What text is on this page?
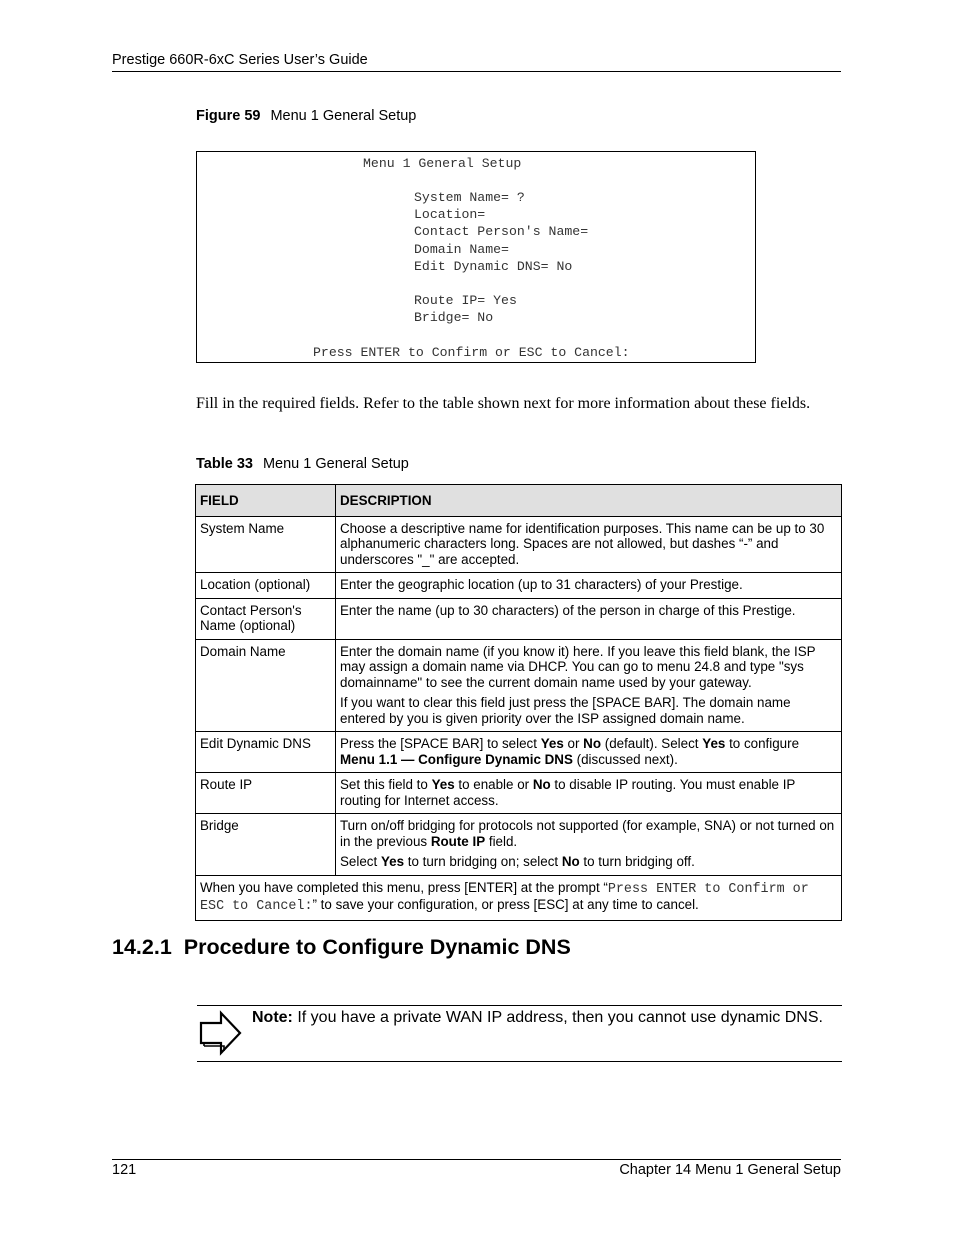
Prestige 660R-6xC Series User’s Guide
Figure 59 Menu 1 General Setup
Menu 1 General Setup
System Name= ?
Location=
Contact Person's Name=
Domain Name=
Edit Dynamic DNS= No
Route IP= Yes
Bridge= No
Press ENTER to Confirm or ESC to Cancel:
Fill in the required fields. Refer to the table shown next for more information about these fields.
Table 33 Menu 1 General Setup
FIELD	DESCRIPTION
System Name	Choose a descriptive name for identification purposes. This name can be up to 30 alphanumeric characters long. Spaces are not allowed, but dashes “-” and underscores "_" are accepted.
Location (optional)	Enter the geographic location (up to 31 characters) of your Prestige.
Contact Person's Name (optional)	Enter the name (up to 30 characters) of the person in charge of this Prestige.
Domain Name	Enter the domain name (if you know it) here. If you leave this field blank, the ISP may assign a domain name via DHCP. You can go to menu 24.8 and type "sys domainname" to see the current domain name used by your gateway.
If you want to clear this field just press the [SPACE BAR]. The domain name entered by you is given priority over the ISP assigned domain name.

Edit Dynamic DNS	Press the [SPACE BAR] to select Yes or No (default). Select Yes to configure Menu 1.1 — Configure Dynamic DNS (discussed next).
Route IP	Set this field to Yes to enable or No to disable IP routing. You must enable IP routing for Internet access.
Bridge	Turn on/off bridging for protocols not supported (for example, SNA) or not turned on in the previous Route IP field.
Select Yes to turn bridging on; select No to turn bridging off.

When you have completed this menu, press [ENTER] at the prompt “Press ENTER to Confirm or ESC to Cancel:” to save your configuration, or press [ESC] at any time to cancel.	
14.2.1 Procedure to Configure Dynamic DNS
Note: If you have a private WAN IP address, then you cannot use dynamic DNS.
121	Chapter 14 Menu 1 General Setup
